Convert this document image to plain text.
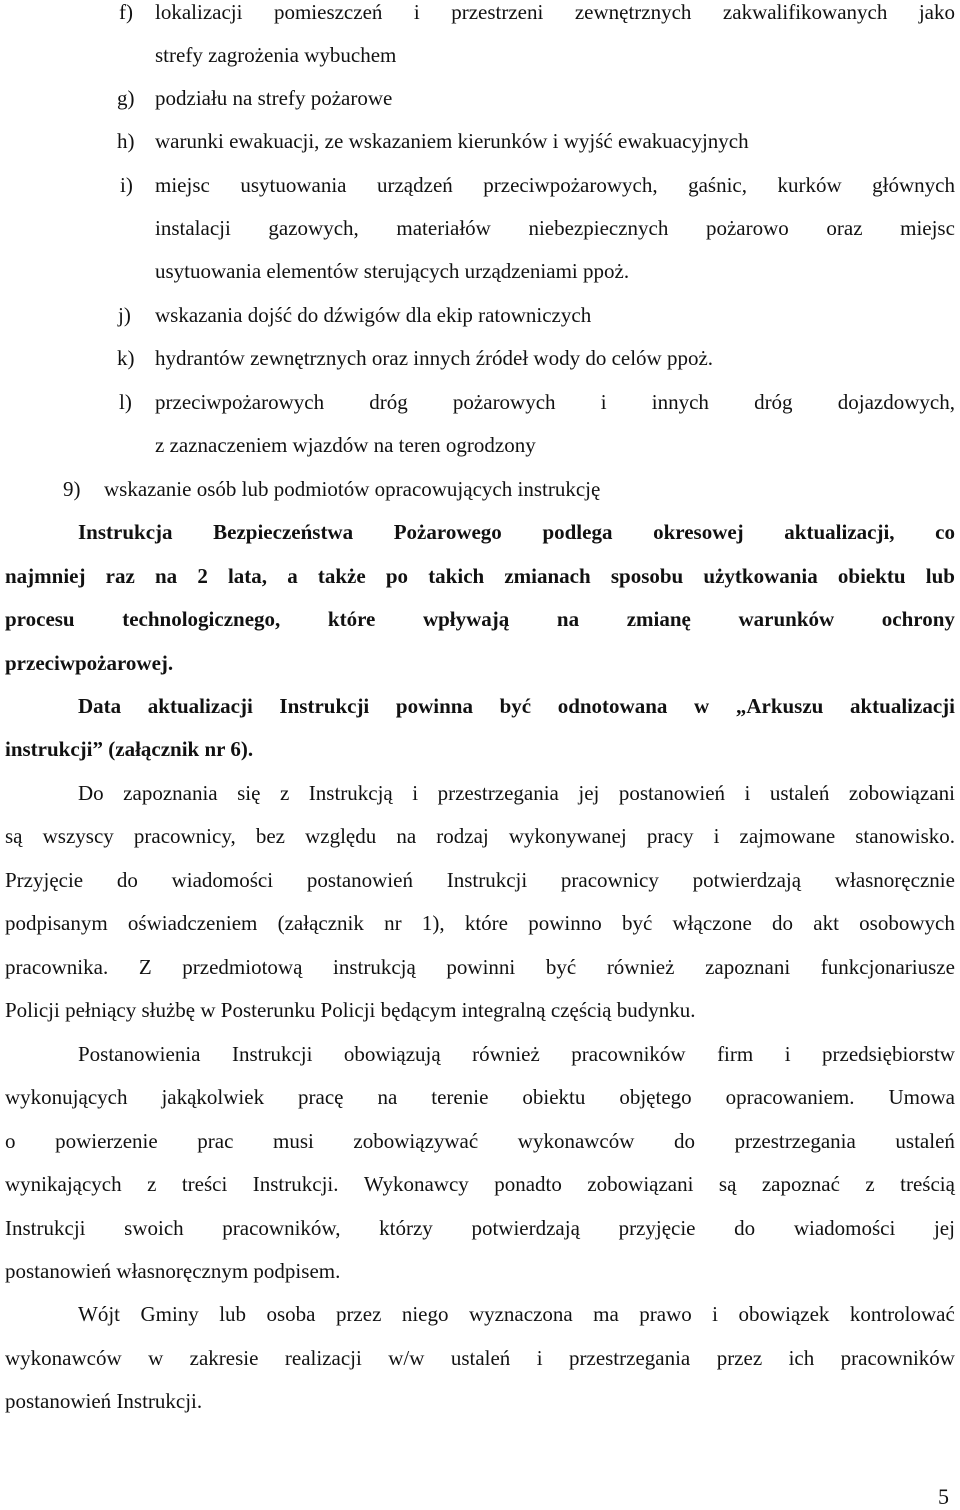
f) lokalizacji pomieszczeń i przestrzeni zewnętrznych zakwalifikowanych jako
strefy zagrożenia wybuchem
g) podziału na strefy pożarowe
h) warunki ewakuacji, ze wskazaniem kierunków i wyjść ewakuacyjnych
i) miejsc usytuowania urządzeń przeciwpożarowych, gaśnic, kurków głównych
instalacji gazowych, materiałów niebezpiecznych pożarowo oraz miejsc
usytuowania elementów sterujących urządzeniami ppoż.
j) wskazania dojść do dźwigów dla ekip ratowniczych
k) hydrantów zewnętrznych oraz innych źródeł wody do celów ppoż.
l) przeciwpożarowych dróg pożarowych i innych dróg dojazdowych,
z zaznaczeniem wjazdów na teren ogrodzony
9) wskazanie osób lub podmiotów opracowujących instrukcję
Instrukcja Bezpieczeństwa Pożarowego podlega okresowej aktualizacji, co
najmniej raz na 2 lata, a także po takich zmianach sposobu użytkowania obiektu lub
procesu technologicznego, które wpływają na zmianę warunków ochrony
przeciwpożarowej.
Data aktualizacji Instrukcji powinna być odnotowana w „Arkuszu aktualizacji
instrukcji” (załącznik nr 6).
Do zapoznania się z Instrukcją i przestrzegania jej postanowień i ustaleń zobowiązani
są wszyscy pracownicy, bez względu na rodzaj wykonywanej pracy i zajmowane stanowisko.
Przyjęcie do wiadomości postanowień Instrukcji pracownicy potwierdzają własnoręcznie
podpisanym oświadczeniem (załącznik nr 1), które powinno być włączone do akt osobowych
pracownika. Z przedmiotową instrukcją powinni być również zapoznani funkcjonariusze
Policji pełniący służbę w Posterunku Policji będącym integralną częścią budynku.
Postanowienia Instrukcji obowiązują również pracowników firm i przedsiębiorstw
wykonujących jakąkolwiek pracę na terenie obiektu objętego opracowaniem. Umowa
o powierzenie prac musi zobowiązywać wykonawców do przestrzegania ustaleń
wynikających z treści Instrukcji. Wykonawcy ponadto zobowiązani są zapoznać z treścią
Instrukcji swoich pracowników, którzy potwierdzają przyjęcie do wiadomości jej
postanowień własnoręcznym podpisem.
Wójt Gminy lub osoba przez niego wyznaczona ma prawo i obowiązek kontrolować
wykonawców w zakresie realizacji w/w ustaleń i przestrzegania przez ich pracowników
postanowień Instrukcji.
5
